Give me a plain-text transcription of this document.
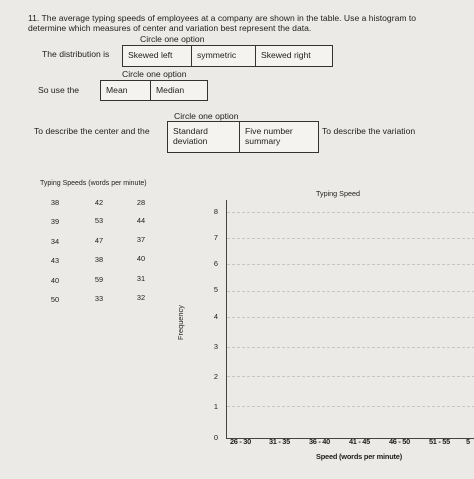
11. The average typing speeds of employees at a company are shown in the table. Use a histogram to
determine which measures of center and variation best represent the data.
Circle one option
The distribution is	Skewed left	symmetric	Skewed right
Circle one option
So use the	Mean	Median
Circle one option
To describe the center and the	Standard deviation
Five number summary
To describe the variation
Typing Speeds (words per minute)
38	42	28
39	53	44
34	47	37
43	38	40
40	59	31
50	33	32
Typing Speed
0
1
2
3
4
5
6
7
8
Frequency
26 - 30 31 - 35	36 - 40	41 - 45	46 - 50	51 - 55 5
Speed (words per minute)
